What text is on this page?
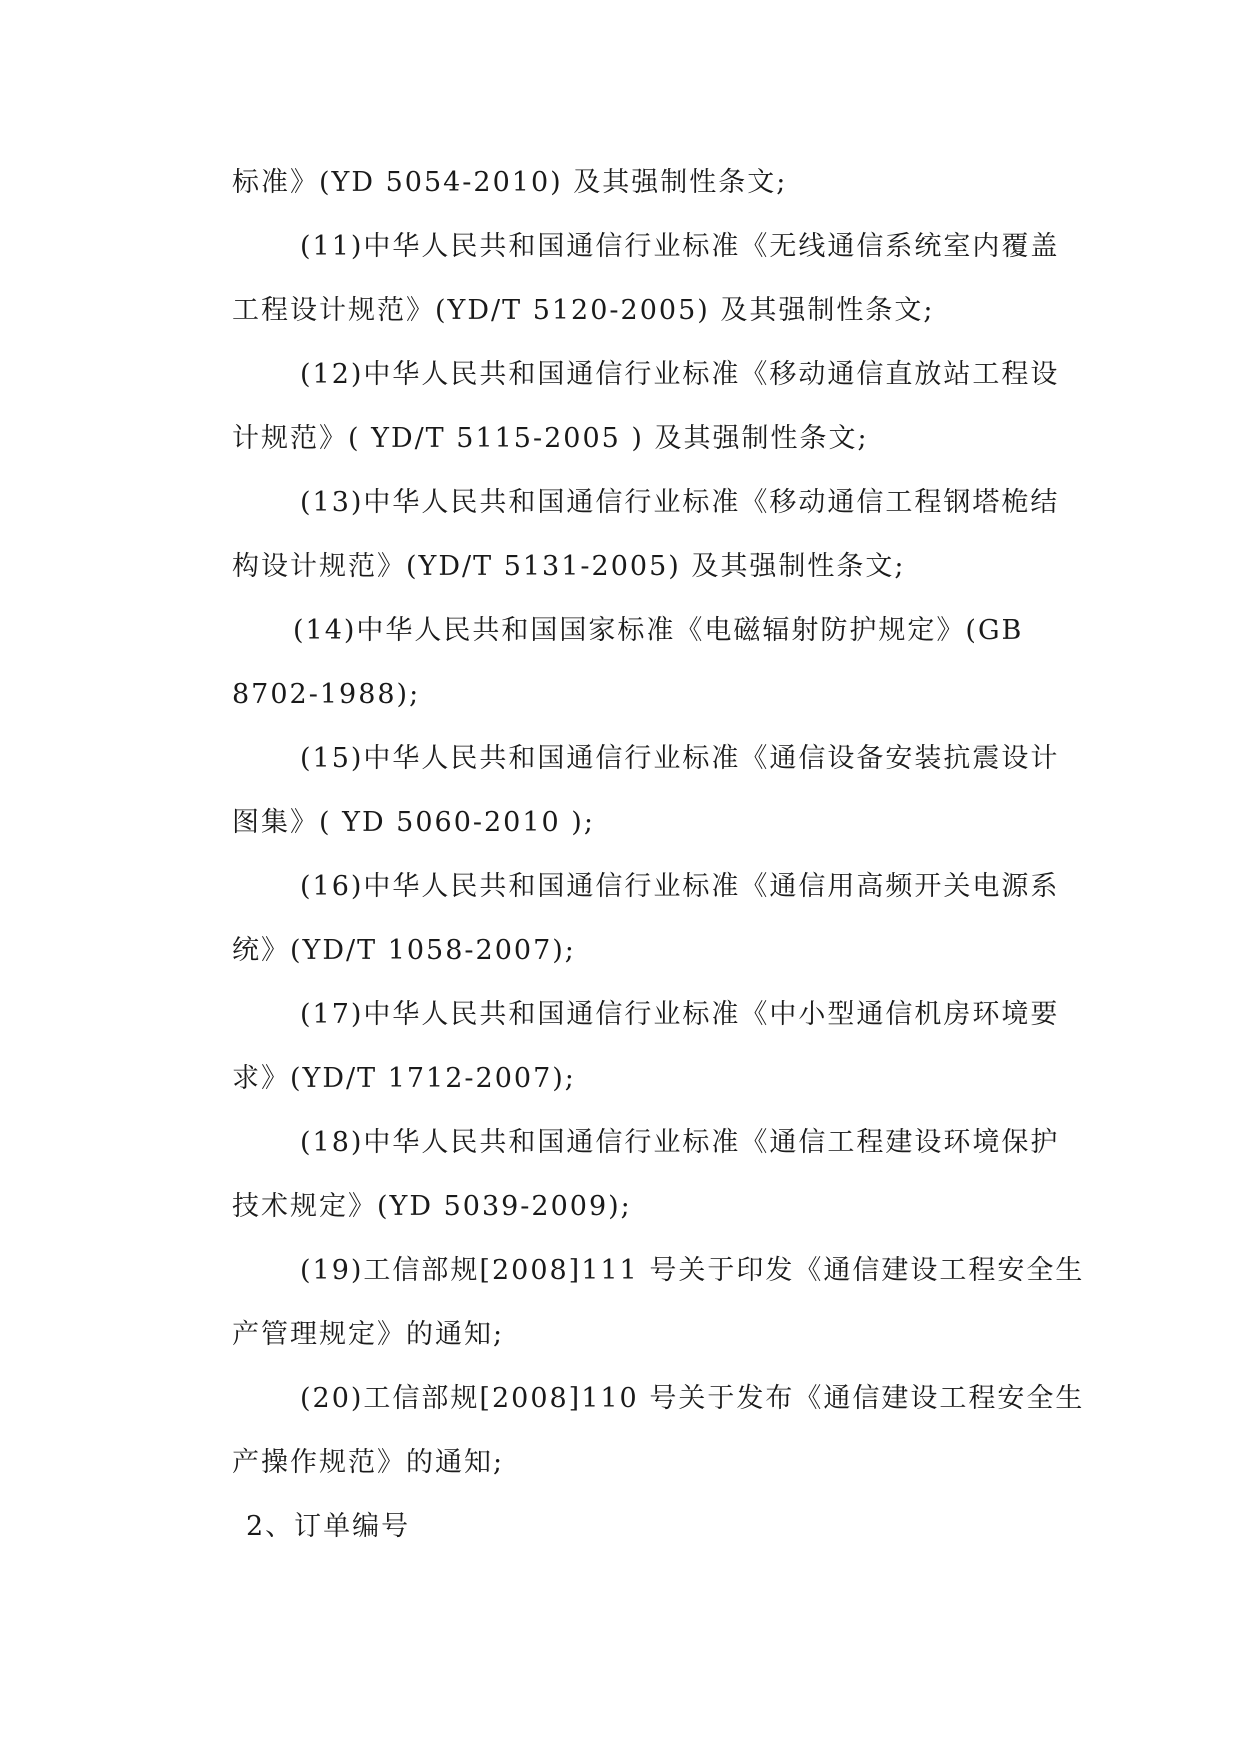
标准》(YD 5054-2010) 及其强制性条文;
(11)中华人民共和国通信行业标准《无线通信系统室内覆盖
工程设计规范》(YD/T 5120-2005) 及其强制性条文;
(12)中华人民共和国通信行业标准《移动通信直放站工程设
计规范》( YD/T 5115-2005 ) 及其强制性条文;
(13)中华人民共和国通信行业标准《移动通信工程钢塔桅结
构设计规范》(YD/T 5131-2005) 及其强制性条文;
(14)中华人民共和国国家标准《电磁辐射防护规定》(GB
8702-1988);
(15)中华人民共和国通信行业标准《通信设备安装抗震设计
图集》( YD 5060-2010 );
(16)中华人民共和国通信行业标准《通信用高频开关电源系
统》(YD/T 1058-2007);
(17)中华人民共和国通信行业标准《中小型通信机房环境要
求》(YD/T 1712-2007);
(18)中华人民共和国通信行业标准《通信工程建设环境保护
技术规定》(YD 5039-2009);
(19)工信部规[2008]111 号关于印发《通信建设工程安全生
产管理规定》的通知;
(20)工信部规[2008]110 号关于发布《通信建设工程安全生
产操作规范》的通知;
2、订单编号
